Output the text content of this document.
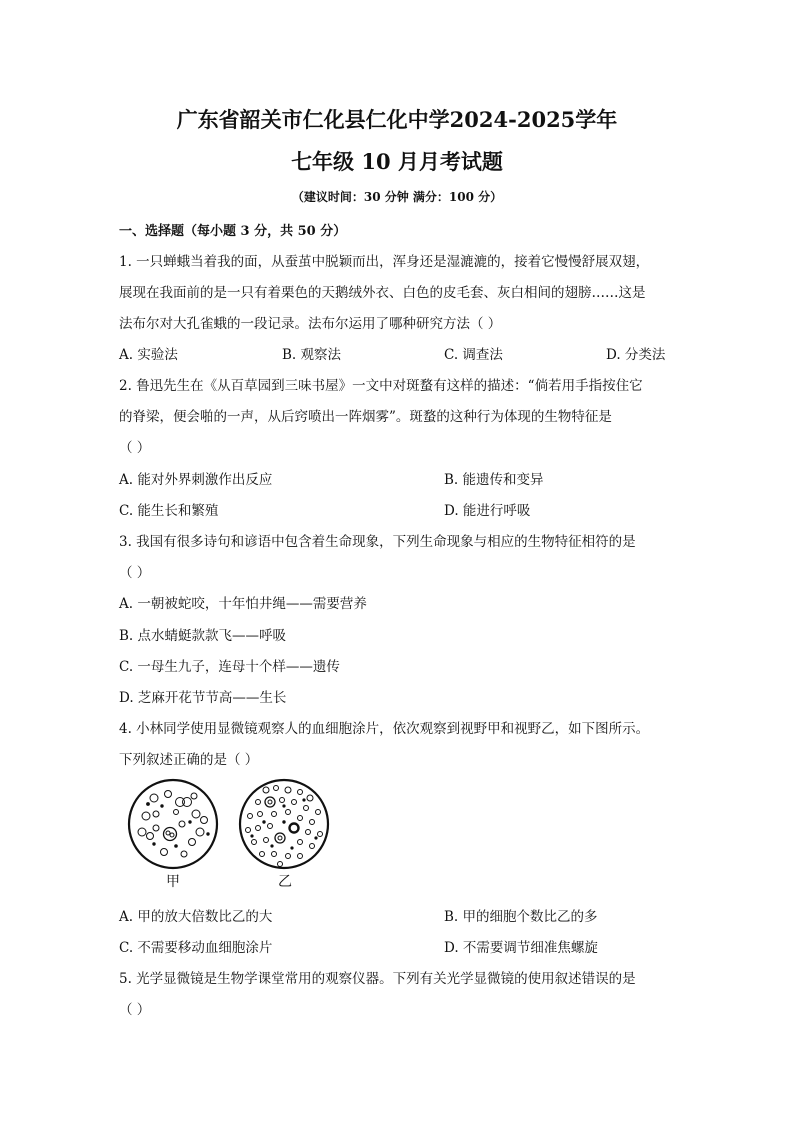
广东省韶关市仁化县仁化中学2024-2025学年
七年级 10 月月考试题
（建议时间：30 分钟 满分：100 分）
一、选择题（每小题 3 分，共 50 分）
1. 一只蝉蛾当着我的面，从蚕茧中脱颖而出，浑身还是湿漉漉的，接着它慢慢舒展双翅，
展现在我面前的是一只有着栗色的天鹅绒外衣、白色的皮毛套、灰白相间的翅膀……这是
法布尔对大孔雀蛾的一段记录。法布尔运用了哪种研究方法（ ）
A. 实验法	B. 观察法	C. 调查法	D. 分类法
2. 鲁迅先生在《从百草园到三味书屋》一文中对斑蝥有这样的描述：“倘若用手指按住它
的脊梁，便会啪的一声，从后窍喷出一阵烟雾”。斑蝥的这种行为体现的生物特征是
（ ）
A. 能对外界刺激作出反应	B. 能遗传和变异
C. 能生长和繁殖	D. 能进行呼吸
3. 我国有很多诗句和谚语中包含着生命现象，下列生命现象与相应的生物特征相符的是
（ ）
A. 一朝被蛇咬，十年怕井绳——需要营养
B. 点水蜻蜓款款飞——呼吸
C. 一母生九子，连母十个样——遗传
D. 芝麻开花节节高——生长
4. 小林同学使用显微镜观察人的血细胞涂片，依次观察到视野甲和视野乙，如下图所示。
下列叙述正确的是（ ）
甲	乙
A. 甲的放大倍数比乙的大	B. 甲的细胞个数比乙的多
C. 不需要移动血细胞涂片	D. 不需要调节细准焦螺旋
5. 光学显微镜是生物学课堂常用的观察仪器。下列有关光学显微镜的使用叙述错误的是
（ ）
